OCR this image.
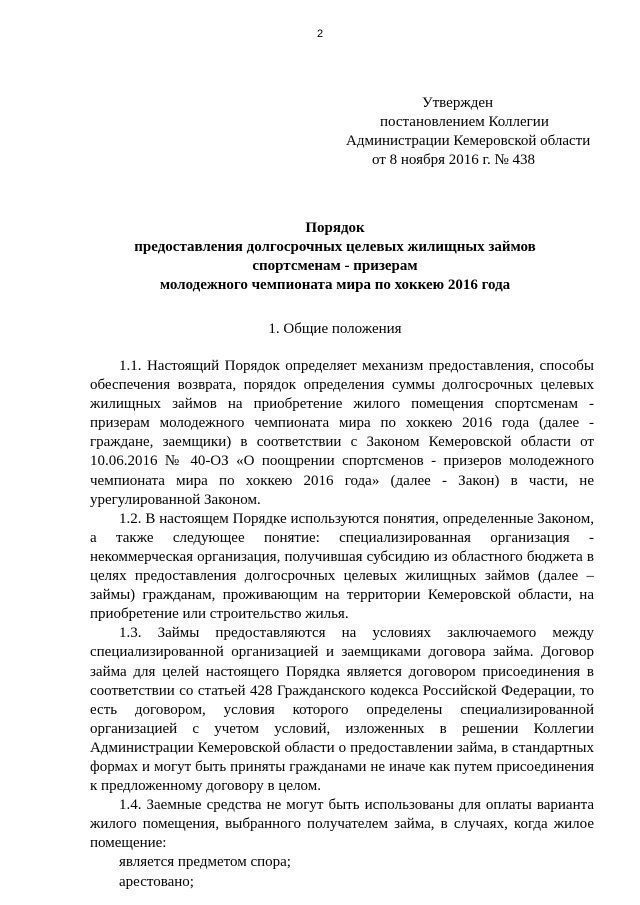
2
Утвержден
постановлением Коллегии
Администрации Кемеровской области
от 8 ноября 2016 г. № 438
Порядок
предоставления долгосрочных целевых жилищных займов
спортсменам - призерам
молодежного чемпионата мира по хоккею 2016 года
1. Общие положения

1.1. Настоящий Порядок определяет механизм предоставления, способы обеспечения возврата, порядок определения суммы долгосрочных целевых жилищных займов на приобретение жилого помещения спортсменам - призерам молодежного чемпионата мира по хоккею 2016 года (далее - граждане, заемщики) в соответствии с Законом Кемеровской области от 10.06.2016 № 40-ОЗ «О поощрении спортсменов - призеров молодежного чемпионата мира по хоккею 2016 года» (далее - Закон) в части, не урегулированной Законом.

1.2. В настоящем Порядке используются понятия, определенные Законом, а также следующее понятие: специализированная организация - некоммерческая организация, получившая субсидию из областного бюджета в целях предоставления долгосрочных целевых жилищных займов (далее – займы) гражданам, проживающим на территории Кемеровской области, на приобретение или строительство жилья.

1.3. Займы предоставляются на условиях заключаемого между специализированной организацией и заемщиками договора займа. Договор займа для целей настоящего Порядка является договором присоединения в соответствии со статьей 428 Гражданского кодекса Российской Федерации, то есть договором, условия которого определены специализированной организацией с учетом условий, изложенных в решении Коллегии Администрации Кемеровской области о предоставлении займа, в стандартных формах и могут быть приняты гражданами не иначе как путем присоединения к предложенному договору в целом.

1.4. Заемные средства не могут быть использованы для оплаты варианта жилого помещения, выбранного получателем займа, в случаях, когда жилое помещение:

является предметом спора;

арестовано;
